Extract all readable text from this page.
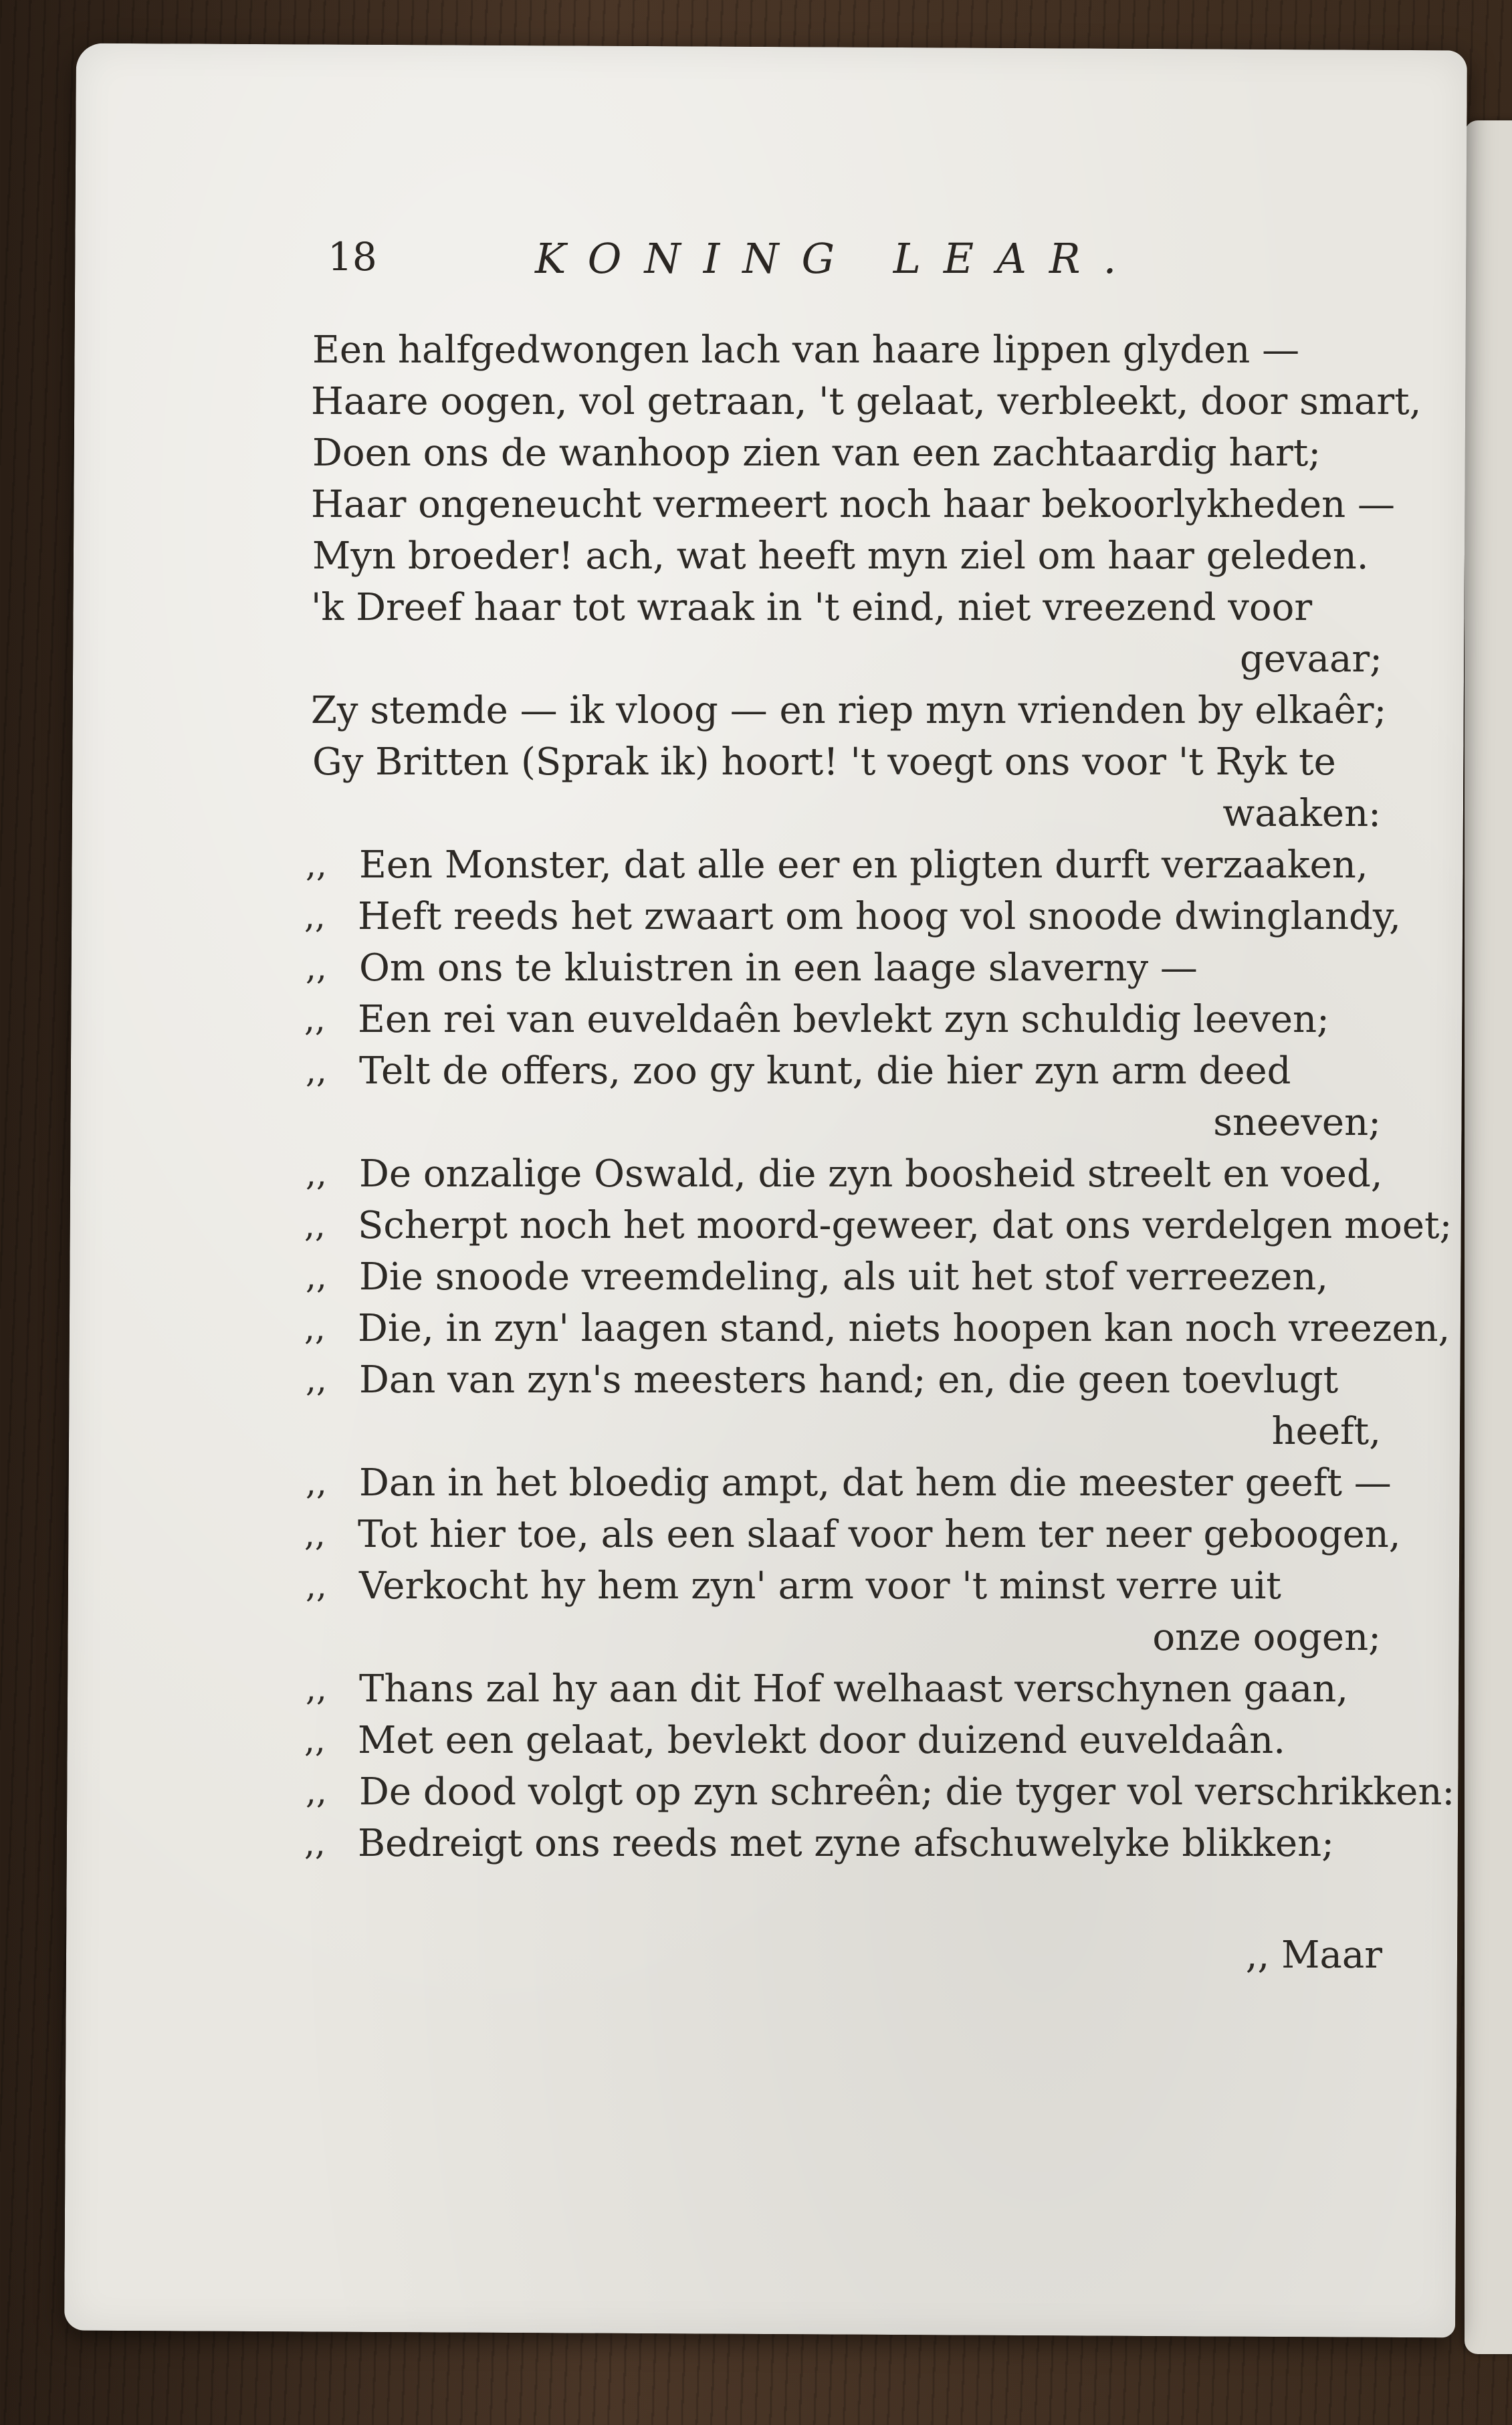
18	KONING LEAR.
Een halfgedwongen lach van haare lippen glyden —
Haare oogen, vol getraan, 't gelaat, verbleekt, door smart,
Doen ons de wanhoop zien van een zachtaardig hart;
Haar ongeneucht vermeert noch haar bekoorlykheden —
Myn broeder! ach, wat heeft myn ziel om haar geleden.
'k Dreef haar tot wraak in 't eind, niet vreezend voor
gevaar;
Zy stemde — ik vloog — en riep myn vrienden by elkaêr;
Gy Britten (Sprak ik) hoort! 't voegt ons voor 't Ryk te
waaken:
,, Een Monster, dat alle eer en pligten durft verzaaken,
,, Heft reeds het zwaart om hoog vol snoode dwinglandy,
,, Om ons te kluistren in een laage slaverny —
,, Een rei van euveldaên bevlekt zyn schuldig leeven;
,, Telt de offers, zoo gy kunt, die hier zyn arm deed
sneeven;
,, De onzalige Oswald, die zyn boosheid streelt en voed,
,, Scherpt noch het moord-geweer, dat ons verdelgen moet;
,, Die snoode vreemdeling, als uit het stof verreezen,
,, Die, in zyn' laagen stand, niets hoopen kan noch vreezen,
,, Dan van zyn's meesters hand; en, die geen toevlugt
heeft,
,, Dan in het bloedig ampt, dat hem die meester geeft —
,, Tot hier toe, als een slaaf voor hem ter neer geboogen,
,, Verkocht hy hem zyn' arm voor 't minst verre uit
onze oogen;
,, Thans zal hy aan dit Hof welhaast verschynen gaan,
,, Met een gelaat, bevlekt door duizend euveldaân.
,, De dood volgt op zyn schreên; die tyger vol verschrikken:
,, Bedreigt ons reeds met zyne afschuwelyke blikken;
,, Maar
